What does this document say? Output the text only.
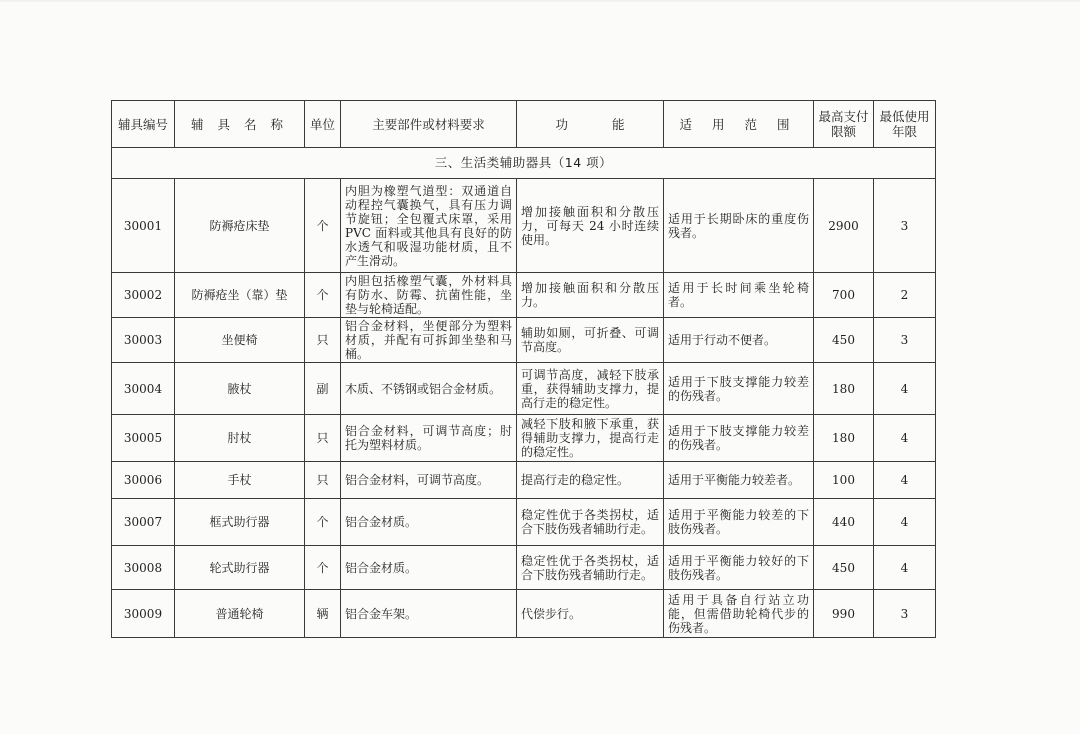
辅具编号	辅 具 名 称	单位	主要部件或材料要求	功 能	适 用 范 围	最高支付限额	最低使用年限
三、生活类辅助器具（14 项）							
30001	防褥疮床垫	个	内胆为橡塑气道型：双通道自动程控气囊换气，具有压力调节旋钮；全包覆式床罩，采用 PVC 面料或其他具有良好的防水透气和吸湿功能材质，且不产生滑动。	增加接触面积和分散压力，可每天 24 小时连续使用。	适用于长期卧床的重度伤残者。	2900	3
30002	防褥疮坐（靠）垫	个	内胆包括橡塑气囊，外材料具有防水、防霉、抗菌性能，坐垫与轮椅适配。	增加接触面积和分散压力。	适用于长时间乘坐轮椅者。	700	2
30003	坐便椅	只	铝合金材料，坐便部分为塑料材质，并配有可拆卸坐垫和马桶。	辅助如厕，可折叠、可调节高度。	适用于行动不便者。	450	3
30004	腋杖	副	木质、不锈钢或铝合金材质。	可调节高度，减轻下肢承重，获得辅助支撑力，提高行走的稳定性。	适用于下肢支撑能力较差的伤残者。	180	4
30005	肘杖	只	铝合金材料，可调节高度；肘托为塑料材质。	减轻下肢和腋下承重，获得辅助支撑力，提高行走的稳定性。	适用于下肢支撑能力较差的伤残者。	180	4
30006	手杖	只	铝合金材料，可调节高度。	提高行走的稳定性。	适用于平衡能力较差者。	100	4
30007	框式助行器	个	铝合金材质。	稳定性优于各类拐杖，适合下肢伤残者辅助行走。	适用于平衡能力较差的下肢伤残者。	440	4
30008	轮式助行器	个	铝合金材质。	稳定性优于各类拐杖，适合下肢伤残者辅助行走。	适用于平衡能力较好的下肢伤残者。	450	4
30009	普通轮椅	辆	铝合金车架。	代偿步行。	适用于具备自行站立功能，但需借助轮椅代步的伤残者。	990	3
